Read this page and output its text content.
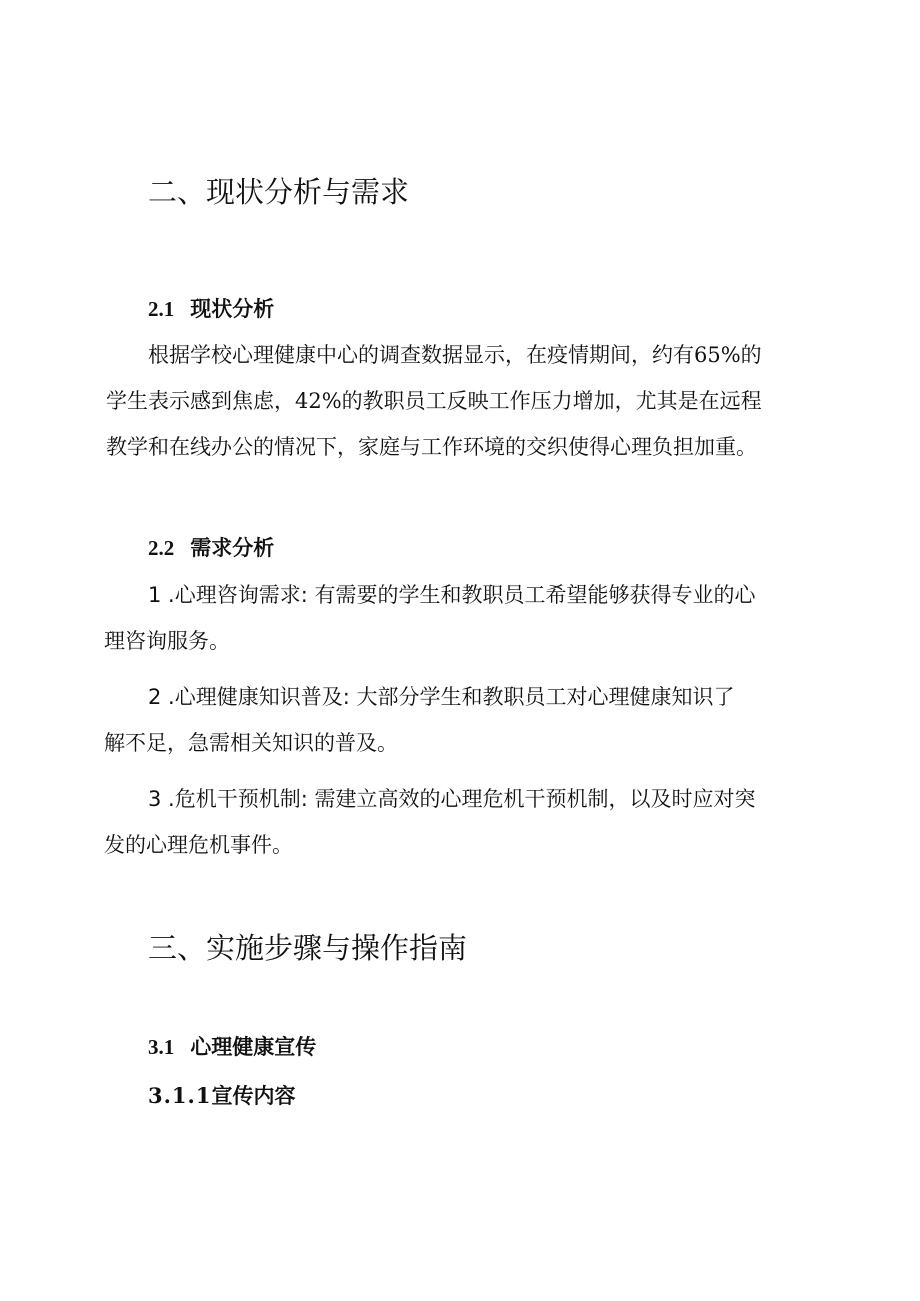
二、现状分析与需求
2.1 现状分析
根据学校心理健康中心的调查数据显示，在疫情期间，约有65%的
学生表示感到焦虑，42%的教职员工反映工作压力增加，尤其是在远程
教学和在线办公的情况下，家庭与工作环境的交织使得心理负担加重。
2.2 需求分析
1 .心理咨询需求: 有需要的学生和教职员工希望能够获得专业的心
理咨询服务。
2 .心理健康知识普及: 大部分学生和教职员工对心理健康知识了
解不足，急需相关知识的普及。
3 .危机干预机制: 需建立高效的心理危机干预机制，以及时应对突
发的心理危机事件。
三、实施步骤与操作指南
3.1 心理健康宣传
3.1.1宣传内容
